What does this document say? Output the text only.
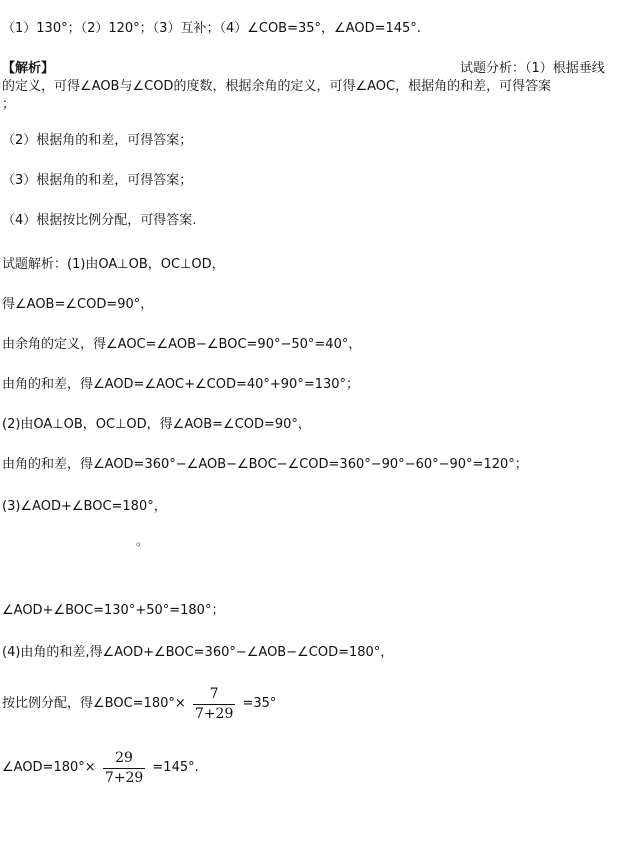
（1）130°；（2）120°；（3）互补；（4）∠COB=35°，∠AOD=145°.
【解析】	试题分析：（1）根据垂线
的定义，可得∠AOB与∠COD的度数，根据余角的定义，可得∠AOC，根据角的和差，可得答案
；
（2）根据角的和差，可得答案；
（3）根据角的和差，可得答案；
（4）根据按比例分配，可得答案.
试题解析：(1)由OA⊥OB，OC⊥OD，
得∠AOB=∠COD=90°，
由余角的定义，得∠AOC=∠AOB−∠BOC=90°−50°=40°，
由角的和差，得∠AOD=∠AOC+∠COD=40°+90°=130°；
(2)由OA⊥OB，OC⊥OD，得∠AOB=∠COD=90°，
由角的和差，得∠AOD=360°−∠AOB−∠BOC−∠COD=360°−90°−60°−90°=120°；
(3)∠AOD+∠BOC=180°，
。
∠AOD+∠BOC=130°+50°=180°；
(4)由角的和差,得∠AOD+∠BOC=360°−∠AOB−∠COD=180°，
按比例分配，得∠BOC=180°× $\frac{7}{7+29} =35^\circ$
∠AOD=180°× $\frac{29}{7+29} =145^\circ$.
